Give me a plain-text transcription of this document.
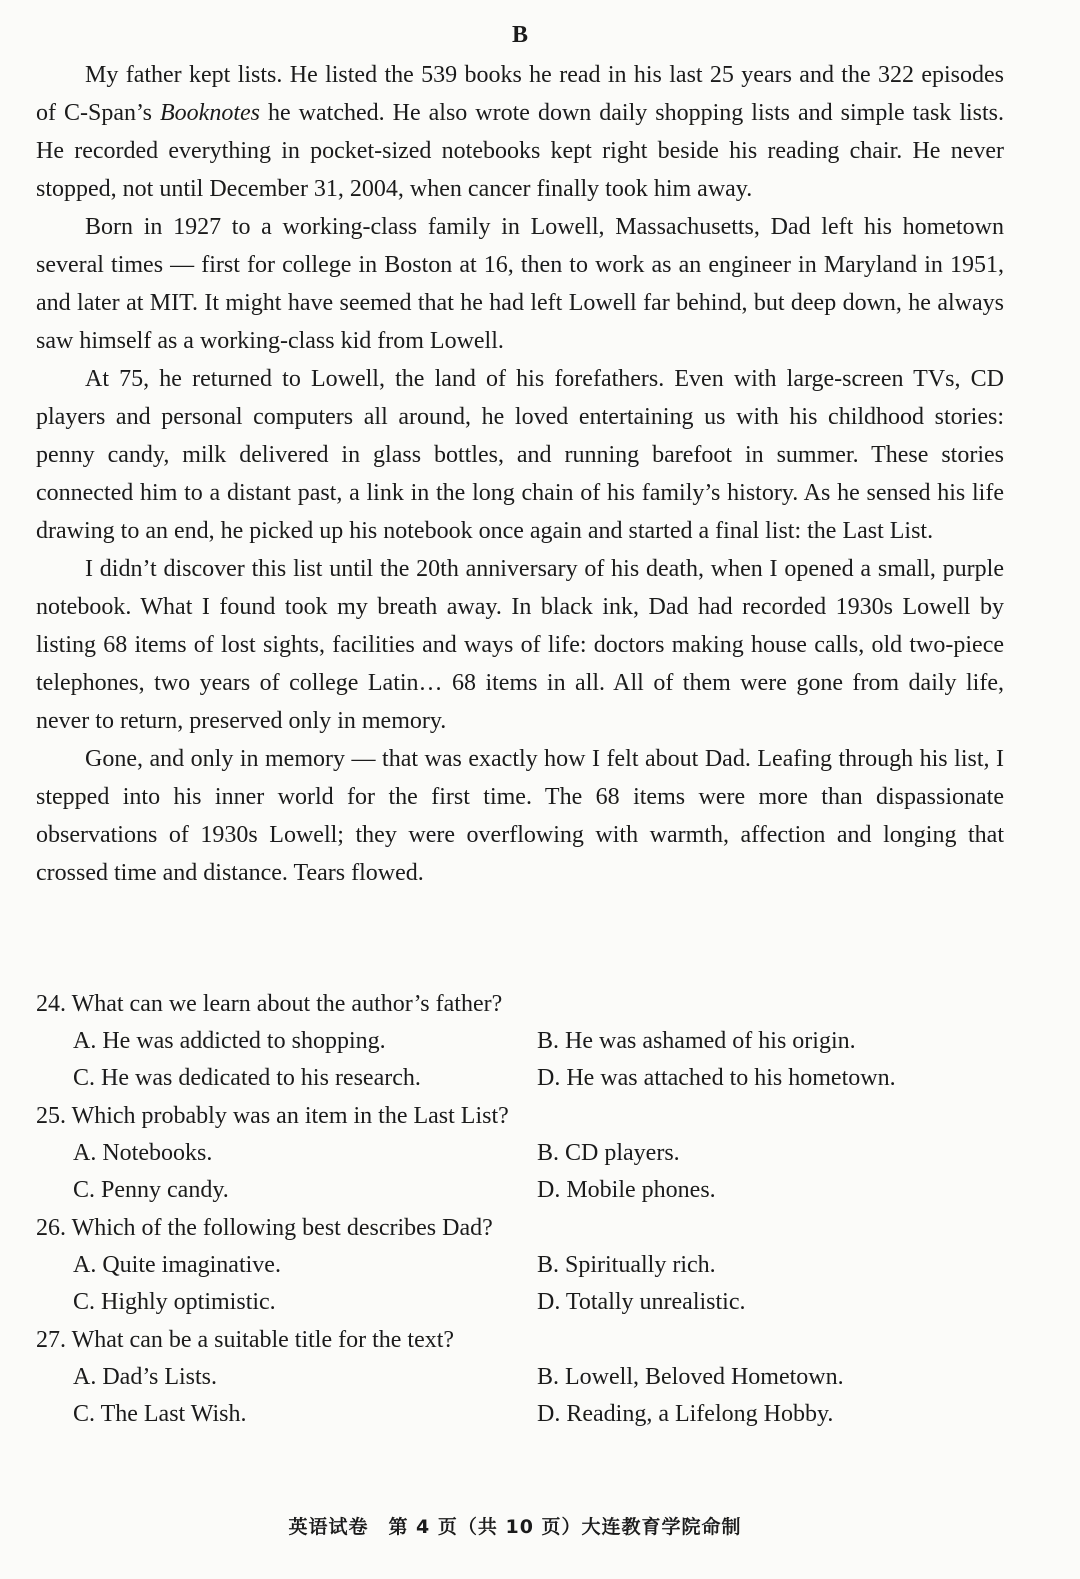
B

My father kept lists. He listed the 539 books he read in his last 25 years and the 322 episodes of C-Span’s Booknotes he watched. He also wrote down daily shopping lists and simple task lists. He recorded everything in pocket-sized notebooks kept right beside his reading chair. He never stopped, not until December 31, 2004, when cancer finally took him away.

Born in 1927 to a working-class family in Lowell, Massachusetts, Dad left his hometown several times — first for college in Boston at 16, then to work as an engineer in Maryland in 1951, and later at MIT. It might have seemed that he had left Lowell far behind, but deep down, he always saw himself as a working-class kid from Lowell.

At 75, he returned to Lowell, the land of his forefathers. Even with large-screen TVs, CD players and personal computers all around, he loved entertaining us with his childhood stories: penny candy, milk delivered in glass bottles, and running barefoot in summer. These stories connected him to a distant past, a link in the long chain of his family’s history. As he sensed his life drawing to an end, he picked up his notebook once again and started a final list: the Last List.

I didn’t discover this list until the 20th anniversary of his death, when I opened a small, purple notebook. What I found took my breath away. In black ink, Dad had recorded 1930s Lowell by listing 68 items of lost sights, facilities and ways of life: doctors making house calls, old two-piece telephones, two years of college Latin… 68 items in all. All of them were gone from daily life, never to return, preserved only in memory.

Gone, and only in memory — that was exactly how I felt about Dad. Leafing through his list, I stepped into his inner world for the first time. The 68 items were more than dispassionate observations of 1930s Lowell; they were overflowing with warmth, affection and longing that crossed time and distance. Tears flowed.

24. What can we learn about the author’s father?
A. He was addicted to shopping.	B. He was ashamed of his origin.
C. He was dedicated to his research.	D. He was attached to his hometown.
25. Which probably was an item in the Last List?
A. Notebooks.	B. CD players.
C. Penny candy.	D. Mobile phones.
26. Which of the following best describes Dad?
A. Quite imaginative.	B. Spiritually rich.
C. Highly optimistic.	D. Totally unrealistic.
27. What can be a suitable title for the text?
A. Dad’s Lists.	B. Lowell, Beloved Hometown.
C. The Last Wish.	D. Reading, a Lifelong Hobby.
英语试卷　第 4 页（共 10 页）大连教育学院命制
